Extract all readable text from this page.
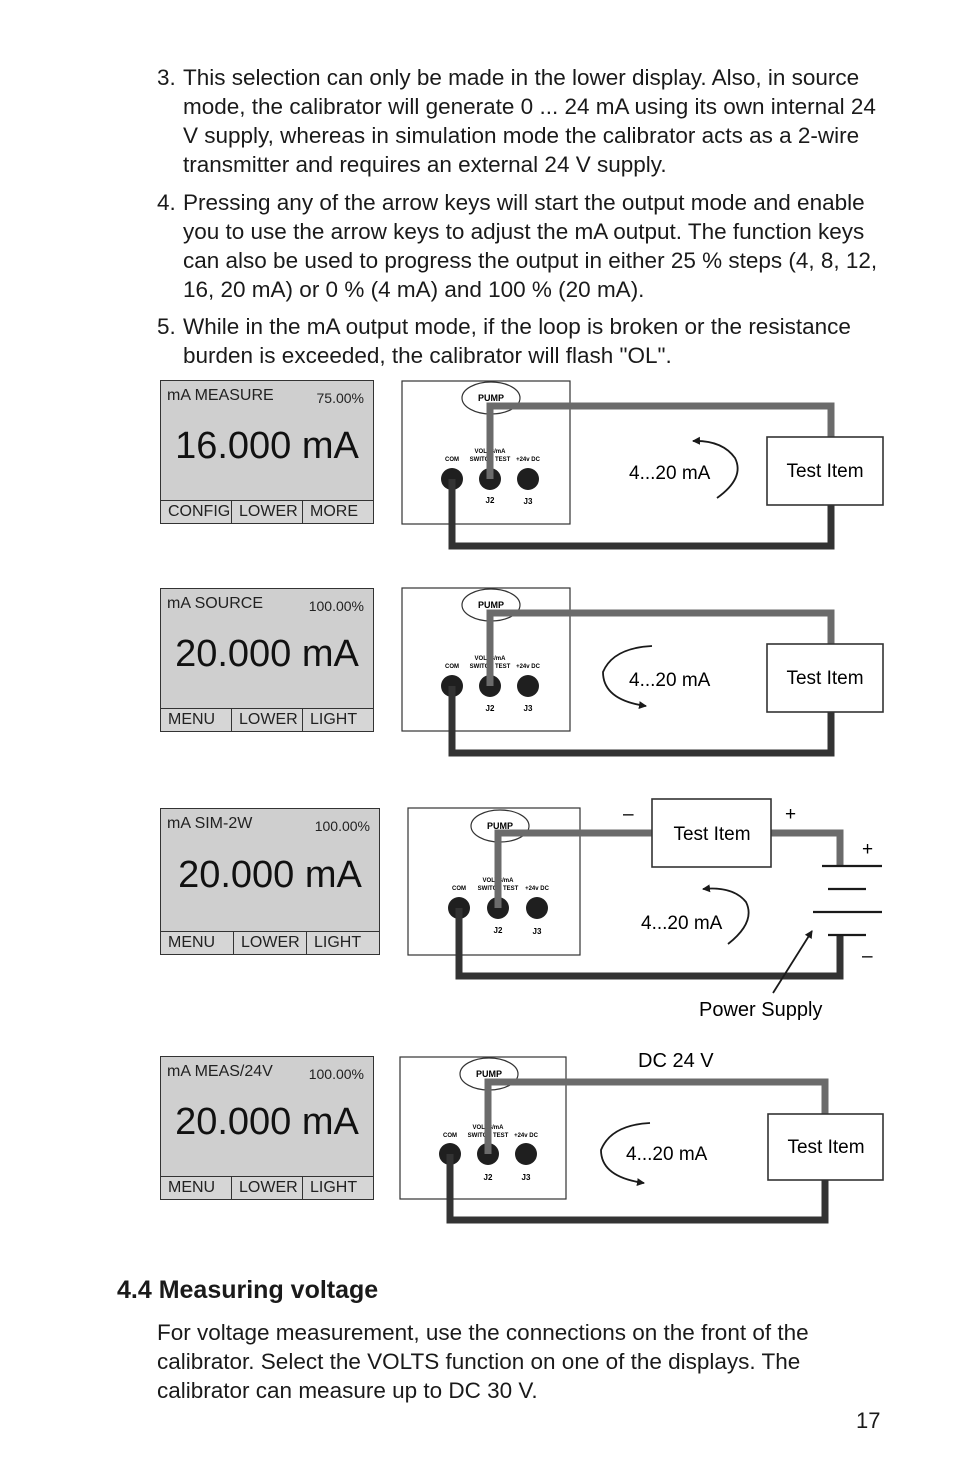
3. This selection can only be made in the lower display. Also, in source mode, the calibrator will generate 0 ... 24 mA using its own internal 24 V supply, whereas in simulation mode the calibrator acts as a 2-wire transmitter and requires an external 24 V supply.
4. Pressing any of the arrow keys will start the output mode and enable you to use the arrow keys to adjust the mA output. The function keys can also be used to progress the output in either 25 % steps (4, 8, 12, 16, 20 mA) or 0 % (4 mA) and 100 % (20 mA).
5. While in the mA output mode, if the loop is broken or the resistance burden is exceeded, the calibrator will flash "OL".
mA MEASURE	75.00%
16.000 mA
CONFIG LOWER MORE
mA SOURCE	100.00%
20.000 mA
MENU	LOWER LIGHT
mA SIM-2W	100.00%
20.000 mA
MENU	LOWER LIGHT
mA MEAS/24V	100.00%
20.000 mA
MENU	LOWER LIGHT
PUMP
VOLTS/mA
SWITCH TEST
COM	+24v DC
J2	J3
Test Item
4...20 mA
PUMP
VOLTS/mA
SWITCH TEST
COM	+24v DC
J2	J3
Test Item
4...20 mA
PUMP
VOLTS/mA
SWITCH TEST
COM	+24v DC
J2	J3
Test Item
–	+
+
–
4...20 mA
Power Supply
PUMP
VOLTS/mA
SWITCH TEST
COM	+24v DC
J2	J3
Test Item
DC 24 V
4...20 mA
4.4 Measuring voltage

For voltage measurement, use the connections on the front of the calibrator. Select the VOLTS function on one of the displays. The calibrator can measure up to DC 30 V.

17
